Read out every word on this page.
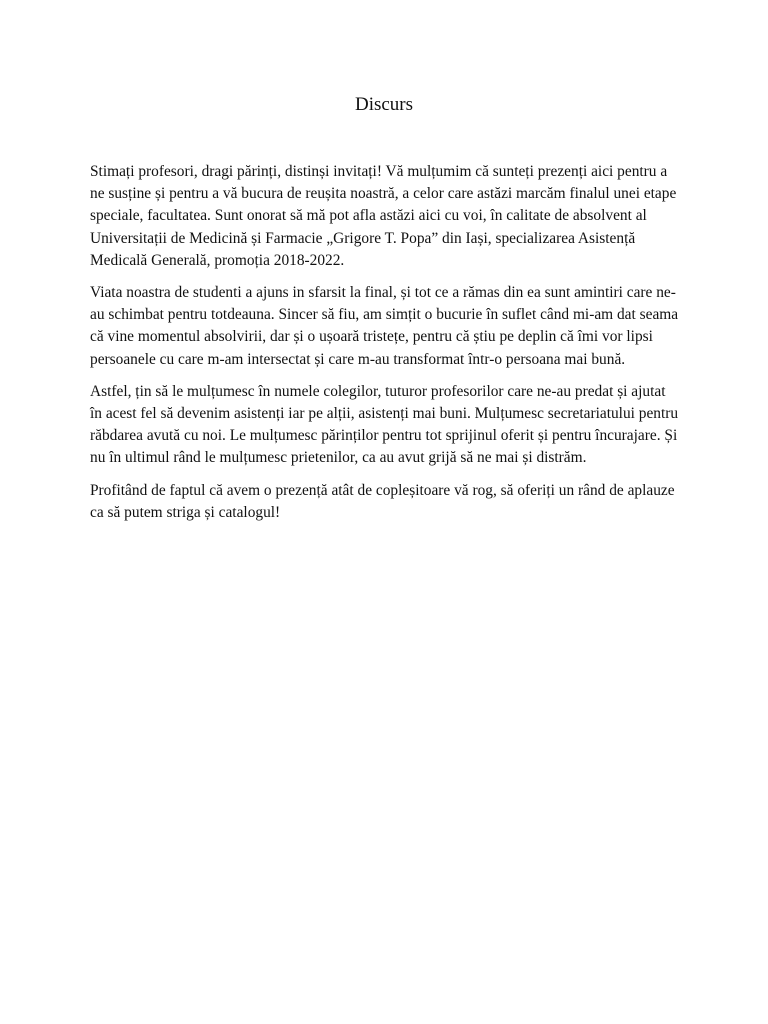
Discurs

Stimați profesori, dragi părinți, distinși invitați! Vă mulțumim că sunteți prezenți aici pentru a ne susține și pentru a vă bucura de reușita noastră, a celor care astăzi marcăm finalul unei etape speciale, facultatea. Sunt onorat să mă pot afla astăzi aici cu voi, în calitate de absolvent al Universitații de Medicină și Farmacie „Grigore T. Popa” din Iași, specializarea Asistență Medicală Generală, promoția 2018-2022.

Viata noastra de studenti a ajuns in sfarsit la final, și tot ce a rămas din ea sunt amintiri care ne-au schimbat pentru totdeauna. Sincer să fiu, am simțit o bucurie în suflet când mi-am dat seama că vine momentul absolvirii, dar și o ușoară tristețe, pentru că știu pe deplin că îmi vor lipsi persoanele cu care m-am intersectat și care m-au transformat într-o persoana mai bună.

Astfel, țin să le mulțumesc în numele colegilor, tuturor profesorilor care ne-au predat și ajutat în acest fel să devenim asistenți iar pe alții, asistenți mai buni. Mulțumesc secretariatului pentru răbdarea avută cu noi. Le mulțumesc părinților pentru tot sprijinul oferit și pentru încurajare. Și nu în ultimul rând le mulțumesc prietenilor, ca au avut grijă să ne mai și distrăm.

Profitând de faptul că avem o prezență atât de copleșitoare vă rog, să oferiți un rând de aplauze ca să putem striga și catalogul!
